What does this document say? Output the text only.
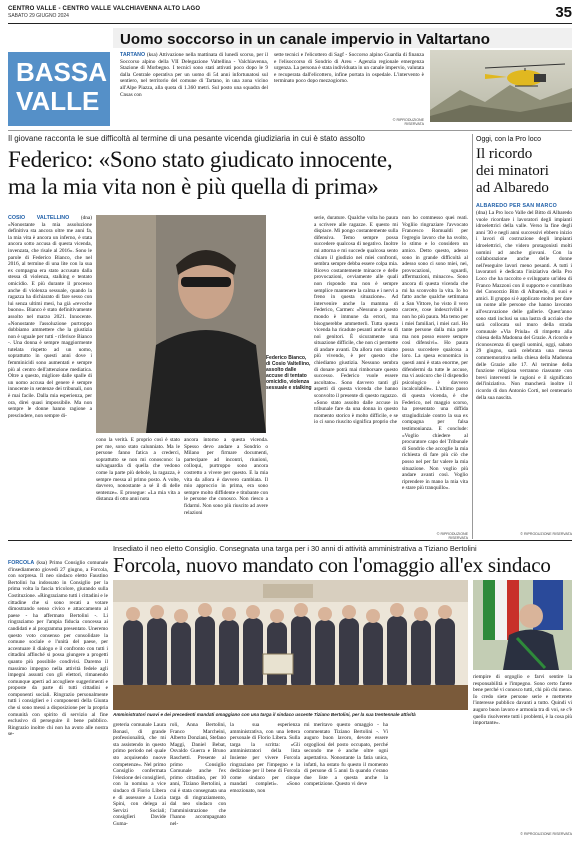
CENTRO VALLE - CENTRO VALLE VALCHIAVENNA ALTO LAGO
SABATO 29 GIUGNO 2024	35
BASSA
VALLE
Uomo soccorso in un canale impervio in Valtartano
TARTANO (ksa) Attivazione nella mattinata di lunedì scorso, per il Soccorso alpino della VII Delegazione Valtellina - Valchiavenna, Stazione di Morbegno. I tecnici sono stati attivati poco dopo le 9 dalla Centrale operativa per un uomo di 54 anni infortunatosi sul sentiero, nel territorio del comune di Tartano, in una zona vicino all'Alpe Piazza, alla quota di 1.360 metri. Sul posto una squadra del Cnsas con
sette tecnici e l'elicottero di Sagf - Soccorso alpino Guardia di finanza e l'elisoccorso di Sondrio di Areu - Agenzia regionale emergenza urgenza. La persona è stata individuata in un canale impervio, valutata e recuperata dall'elicottero, infine portata in ospedale. L'intervento è terminato poco dopo mezzogiorno.
© RIPRODUZIONE RISERVATA
Il giovane racconta le sue difficoltà al termine di una pesante vicenda giudiziaria in cui è stato assolto
Federico: «Sono stato giudicato innocente,
ma la mia vita non è più quella di prima»
COSIO VALTELLINO (dna) «Nonostante la mia assoluzione definitiva sta ancora oltre me anni fa, la mia vita è ancora un inferno, è stata ancora sotto accusa di questa vicenda, invenzata, che risale al 2016». Sono le parole di Federico Bianco, che nel 2016, al termine di una lite con la sua ex compagna era stato accusato dalla stessa di violenza, stalking e tentato omicidio. E più durante il processo anche di violenza sessuale, quando la ragazza ha dichiarato di fare sesso con lui senza ultimi mesi, ha già «revoche buono». Bianco è stato definitivamente assolto nel marzo 2021. Innocente. «Nonostante l'assoluzione purtroppo dobbiamo ammettere che la giustizia non è uguale per tutti - riferisce Bianco -. Una donna è sempre maggiormente tutelata rispetto ad un uomo, soprattutto in questi anni dove i femminicidi sono aumentati e sempre più al centro dell'attenzione mediatica. Oltre a questo, migliore dalle spalle di un uomo accusa del genere è sempre innocente in sentenze dei tribunali, non è mai facile. Dalla mia esperienza, per ora, direi quasi impossibile. Ma non sempre le donne hanno ragione a prescindere, non sempre di-
Federico Bianco, di Cosio Valtellino, assolto dalle accuse di tentato omicidio, violenza sessuale e stalking
cono la verità. E proprio così è stato per me, sono stato calunniato. Ma le persone fanno fatica a crederci, soprattutto se non mi conoscono: la salvaguardia di quella che vedono come la parte più debole, la ragazza, è sempre messa al primo posto. A volte, davvero, nonostante a sé il di delle sentenze». E prosegue: «La mia vita a distanza di otto anni nota
ancora intorno a questa vicenda. Spesso devo andare a Sondrio o Milano per firmare documenti, partecipare ad incontri, riunioni, colloqui, purtroppo sono ancora costretto a vivere per questo. E la mia vita da allora è davvero cambiata. Il mio approccio in prima, era sono sempre molto diffidente e titubante con le persone che conosco. Non riesco a fidarmi. Non sono più riuscito ad avere relazioni
serie, durature. Qualche volta ho paura a scrivere alle ragazze. E questo mi dispiace. Mi pongo costantemente sulla difensiva. Temo sempre possa succedere qualcosa di negativo. Inoltre mi attorna e mi succede qualcosa sento chiaro il giudizio nei miei confronti, sembra sempre debba essere colpa mia. Ricevo costantemente minacce e delle provocazioni, ovviamente alle quali non rispondo ma non è sempre semplice mantenere la calma e i nervi a freno in questa situazione». Ad intervenire anche la mamma di Federico, Carmen: «Nessuno a questo mondo è immune da errori, ma bisognerebbe ammetterli. Tutta questa vicenda ha ricadute pesanti anche su di noi genitori. È sicuramente una situazione difficile, che non ci permette di andare avanti. Da allora non stiamo più vivendo, è per questo che chiediamo giustizia. Nessuno sembra di donare potrà mai rimborsare questo successo. Federico vuole essere ascoltato». Sono davvero tanti gli aspetti di questa vicenda che hanno sconvolto il presente di questo ragazzo. «Sono stato assolto dalle accuse in tribunale fare da una donna in questo momento storico è molto difficile, e se io ci sono riuscito significa proprio che
non ho commesso quei reati. Vogliio ringraziare l'avvocato Francesco Romualdi per l'egregio lavoro che ha svolto, lo stimo e lo considero un amico. Detto questo, adesso sono in grande difficoltà al adesso sono ci sono miei, nei, provocazioni, sguardi, affermazioni, minacce». Sono ancora di questa vicenda che mi ha sconvolto la vita. Io ho fatto anche qualche settimana a San Vittore, ho visto il vero carcere, cose indescrivibili e non ho più paura. Ma temo per i miei familiari, i miei cari. Ho tante persone dalla mia parte ma non posso essere sempre così difensivi». Ho paura possa succedere qualcosa a loro. La spesa economica in questi anni è stata enorme, per difendermi da tutte le accuse, ma vi assicuro che il dispendio psicologico è davvero incalcolabile». L'ultimo passo di questa vicenda, è che Federico, nel maggio scorso, ha presentato una diffida stragiudiziale contro la sua ex compagna per falsa testimonianza. E conclude: «Voglio chiedere al procuratore capo del Tribunale di Sondrio che accoglie la mia richiesta di fare più ciò che posso nel per far valere la mia situazione. Non voglio più andare avanti così. Voglio riprendere in mano la mia vita e stare più tranquillo».
© RIPRODUZIONE RISERVATA
Oggi, con la Pro loco
Il ricordo
dei minatori
ad Albaredo
ALBAREDO PER SAN MARCO
(dna) La Pro loco Valle del Bitto di Albaredo vuole ricordare i lavoratori degli impianti idroelettrici della valle. Verso la fine degli anni '30 e negli anni successivi ebbero inizio i lavori di costruzione degli impianti idroelettrici, che videro protagonisti molti uomini ad anche giovani. Con la collaborazione anche delle donne nell'eseguire lavori meno pesanti. A tutti i lavoratori è dedicata l'iniziativa della Pro Loco che ha raccolto e sviluppato un'idea di Franco Mazzoni con il supporto e contributo del Consorzio Bim di Albaredo, di suoi e amici. Il gruppo si è applicato molto per dare un nome alle persone che hanno lavorato all'escavazione delle gallerie. Quest'anno sono stati inclusi su una lastra di acciaio che sarà collocata sul muro della strada comunale «Via Priula» di rimpetto alla chiesa della Madonna del Grazie. A ricordo e riconoscenza di quegli uomini, oggi, sabato 29 giugno, sarà celebrata una messa commemorativa nella chiesa della Madonna delle Grazie alle 17. Al termine della funzione religiosa verranno riassunte con brevi interventi le ragioni e il significato dell'iniziativa. Non mancherà inoltre il ricordo di don Antonio Corti, nel centenario della sua nascita.
© RIPRODUZIONE RISERVATA
Insediato il neo eletto Consiglio. Consegnata una targa per i 30 anni di attività amministrativa a Tiziano Bertolini
FORCOLA (ksa) Primo Consiglio comunale d'insediamento giovedì 27 giugno, a Forcola, con sorpresa. Il neo sindaco eletto Faustino Bertolini ha indossato in Consiglio per la prima volta la fascia tricolore, giurando sulla Costituzione. «Ringraziamo tutti i cittadini e le cittadine che si sono recati a votare dimostrando senso civico e attaccamento al paese - ha affermato Bertolini -. Li ringraziamo per l'ampia fiducia concessa ai candidati e al programma presentato. Uneremo questo voto consenso per consolidare la comune sociale e l'unità del paese, per accentuare il dialogo e il confronto con tutti i cittadini affinché si possa giungere a progetti quanto più possibile condivisi. Daremo il massimo impegno nella attività fedele agli impegni assunti con gli elettori, rimanendo comunque aperti ad accogliere suggerimenti e proposte da parte di tutti cittadini e componenti sociali. Ringrazio personalmente tutti i consiglieri e i componenti della Giunta che si sono messi a disposizione per la propria comunità con spirito di servizio al fine esclusivo di perseguire il bene pubblico. Ringrazio inoltre chi non ha avuto alle nostra se-
Forcola, nuovo mandato con l'omaggio all'ex sindaco
Amministratori nuovi e dei precedenti mandati omaggiano con una targa il sindaco uscente Tiziano Bertolini, per la sua trentennale attività
greteria comunale Laura Bonasi, di grande professionalità, che mi sta assistendo in questo primo periodo nel quale sto acquisendo nuove competenze». Nel primo Consiglio confermata l'elezione dei consiglieri, con la nomina a vice sindaco di Fiorio Libera e di assessore a Lucia Spini, con delega ai Servizi Sociali; consiglieri Davide Guma-
roli, Anna Bertolini, Franco Marcheini, Alberto Donziani, Stefano Maggi, Daniel Bebat, Osvaldo Guerra e Bruno Raschetti. Presente al primo Consiglio Comunale anche l'ex primo cittadino, per 10 anni, Tiziano Bertolini, a cui è stata consegnata una targa di ringraziamento, dal neo sindaco con l'amministrazione che l'hanno accompagnato nel-
la sua esperienza amministrativa, con una lettera personale di Florio Libera. Sulla targa la scritta: «Gli amministratori della lista Insieme per vivere Forcola ringraziano per l'impegno e la dedizione per il bene di Forcola come sindaco per cinque mandati completi». «Sono emozionato, non
mi meritavo questo omaggio - ha commentato Tiziano Bertolini -. Vi auguro buon lavoro, devote essere orgogliosi del posto occupato, perché secondo me è anche oltre ogni aspettativa. Nonostante la fatia unica, infatti, ha ostato fu questo il momento di persone di 5 anni fa quando c'erano due liste a questa anche la competizione. Questo vi deve
riempire di orgoglio e farvi sentire la responsabilità e l'impegno. Sono certo farete bene perché vi conosco tutti, chi più chi meno. Io credo siete persone serie e metterete l'interesse pubblico davanti a tutto. Quindi vi auguro buon lavoro e armonia tra di voi, se c'è quello risolverete tutti i problemi, è la cosa più importante».
© RIPRODUZIONE RISERVATA
